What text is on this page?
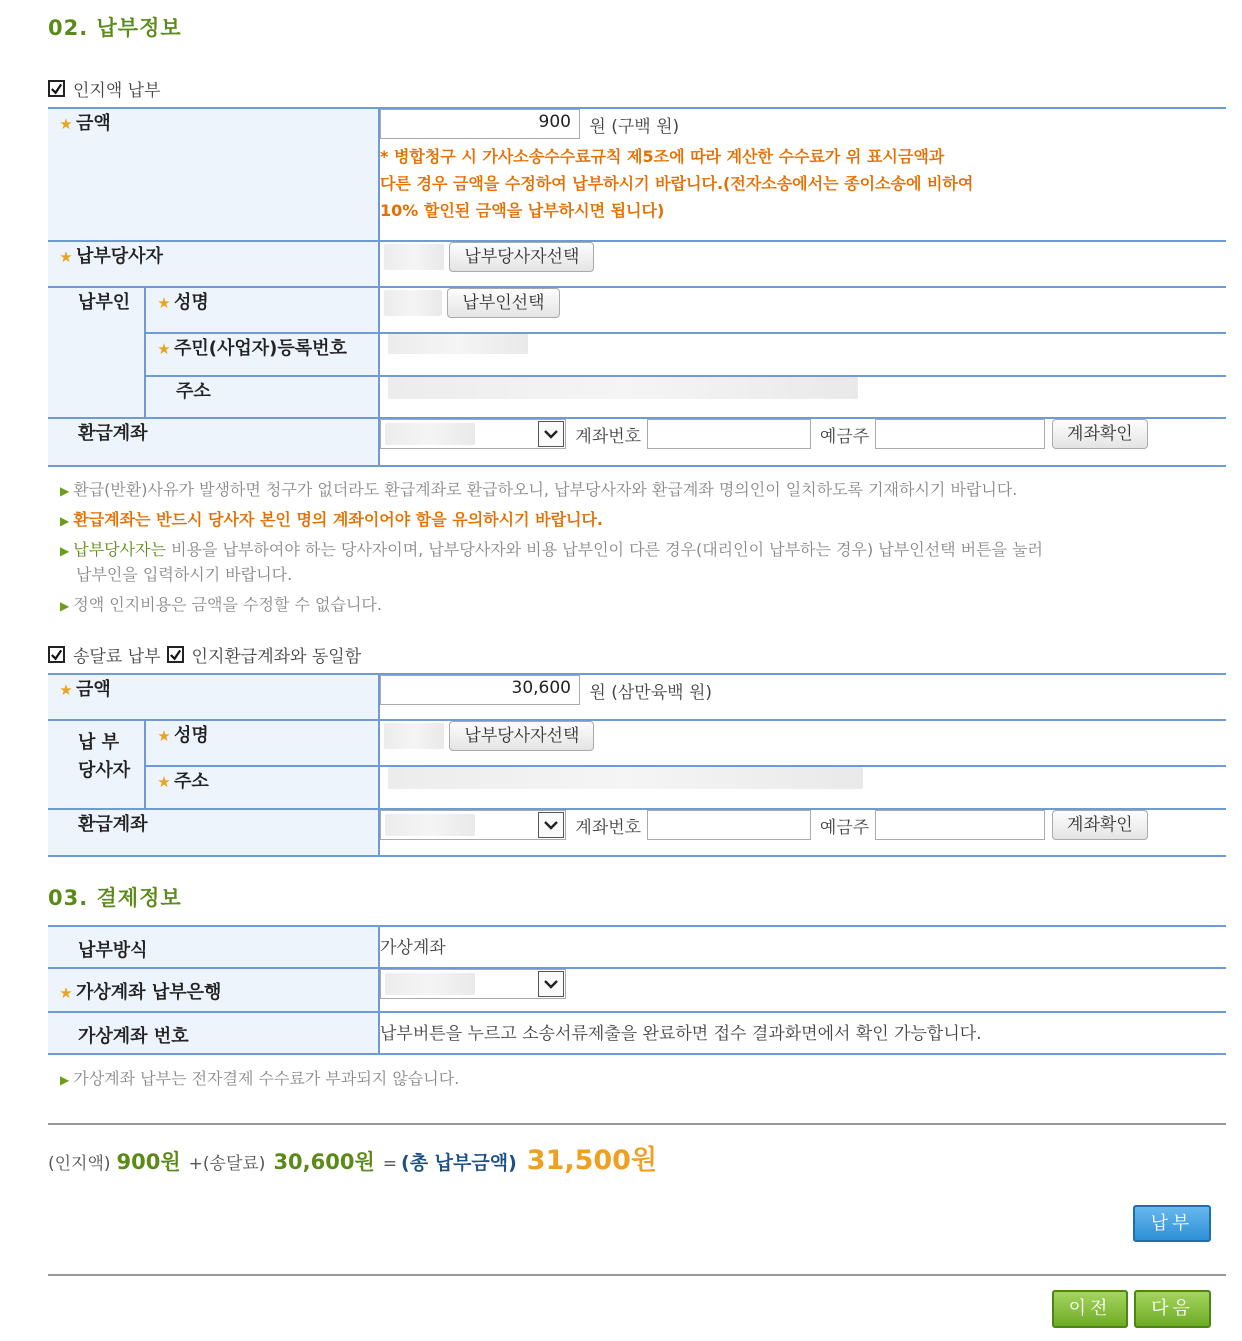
02. 납부정보
인지액 납부
★ 금액		900 원 (구백 원)
* 병합청구 시 가사소송수수료규칙 제5조에 따라 계산한 수수료가 위 표시금액과
다른 경우 금액을 수정하여 납부하시기 바랍니다.(전자소송에서는 종이소송에 비하여
10% 할인된 금액을 납부하시면 됩니다)

★ 납부당사자		납부당사자선택
납부인	★ 성명	납부인선택
	★ 주민(사업자)등록번호	
	주소	
환급계좌		계좌번호 예금주 계좌확인
▶ 환급(반환)사유가 발생하면 청구가 없더라도 환급계좌로 환급하오니, 납부당사자와 환급계좌 명의인이 일치하도록 기재하시기 바랍니다.
▶ 환급계좌는 반드시 당사자 본인 명의 계좌이어야 함을 유의하시기 바랍니다.
▶ 납부당사자는 비용을 납부하여야 하는 당사자이며, 납부당사자와 비용 납부인이 다른 경우(대리인이 납부하는 경우) 납부인선택 버튼을 눌러
납부인을 입력하시기 바랍니다.
▶ 정액 인지비용은 금액을 수정할 수 없습니다.
송달료 납부 인지환급계좌와 동일함
★ 금액		30,600 원 (삼만육백 원)

납 부
당사자	★ 성명	납부당사자선택
	★ 주소	
환급계좌		계좌번호 예금주 계좌확인
03. 결제정보
납부방식	가상계좌
★ 가상계좌 납부은행	

가상계좌 번호	납부버튼을 누르고 소송서류제출을 완료하면 접수 결과화면에서 확인 가능합니다.
▶ 가상계좌 납부는 전자결제 수수료가 부과되지 않습니다.
(인지액) 900원 + (송달료) 30,600원 = (총 납부금액) 31,500원
납부
이전	다음
